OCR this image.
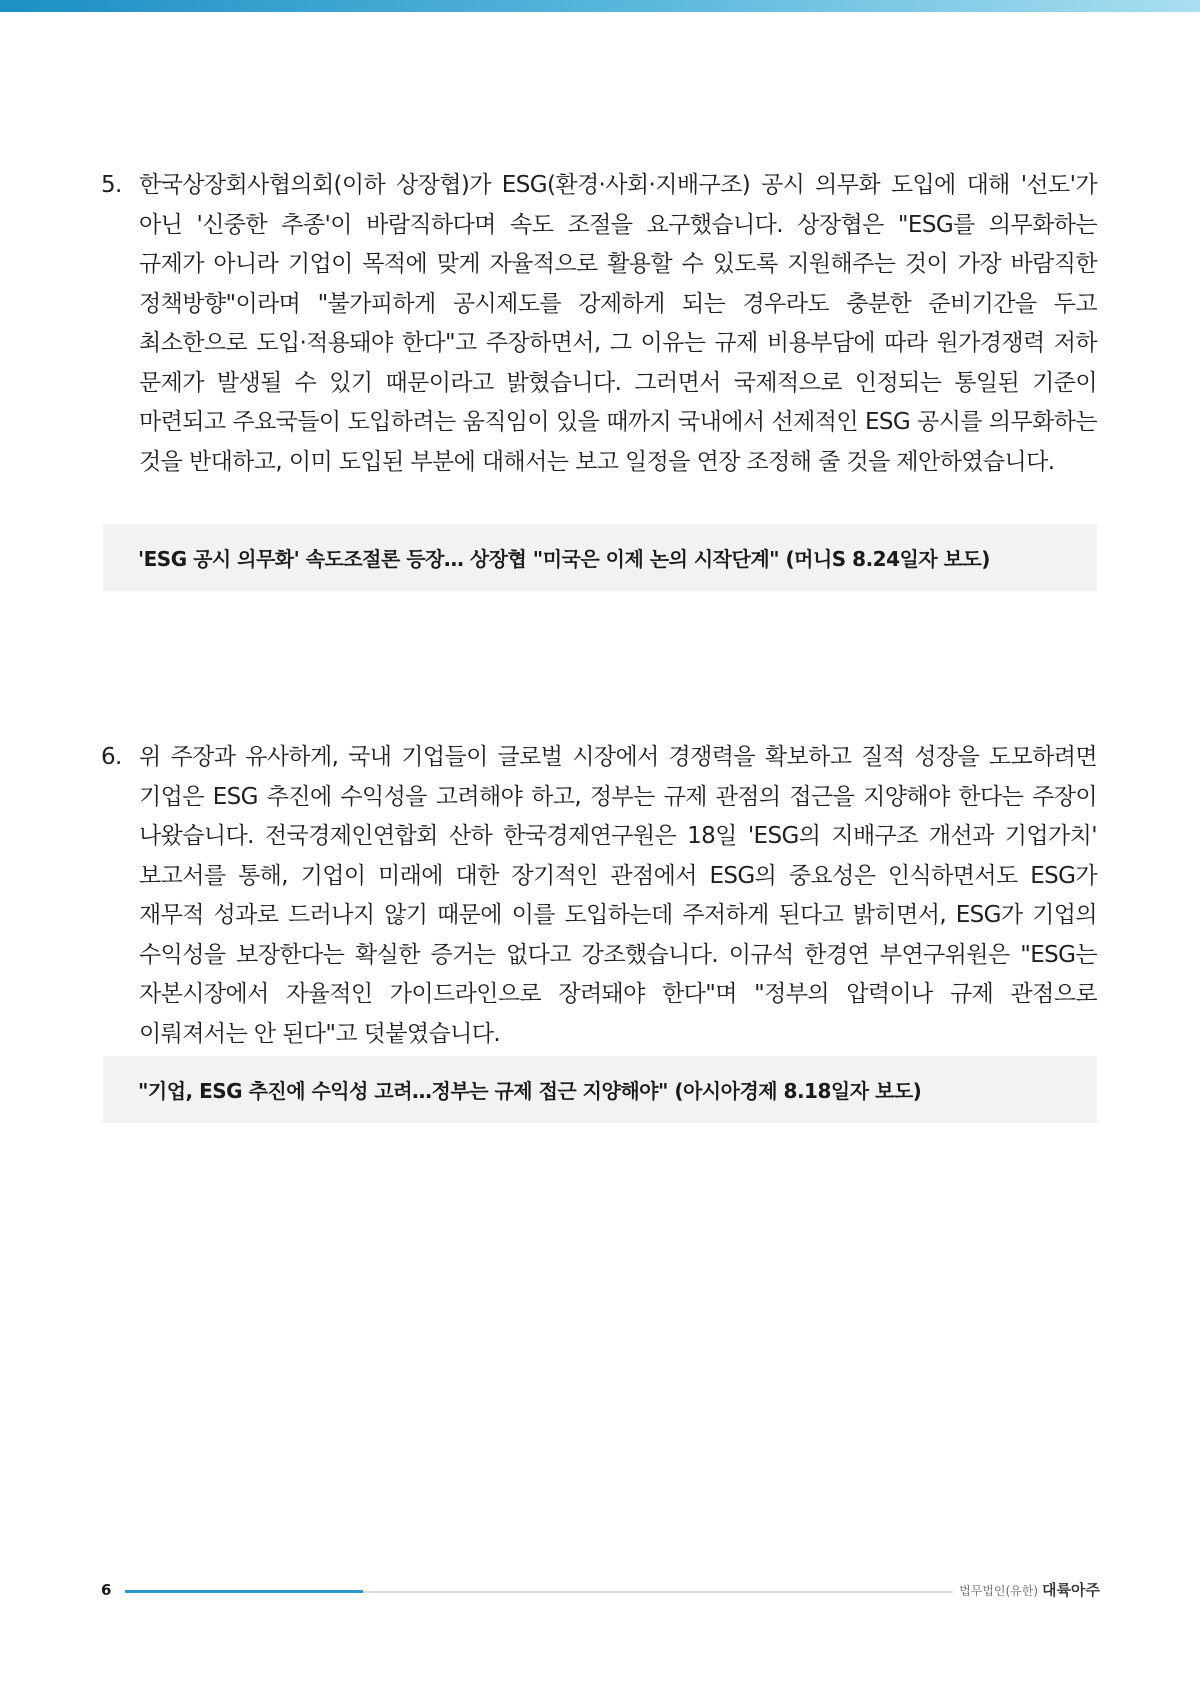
5. 한국상장회사협의회(이하 상장협)가 ESG(환경·사회·지배구조) 공시 의무화 도입에 대해 '선도'가 아닌 '신중한 추종'이 바람직하다며 속도 조절을 요구했습니다. 상장협은 "ESG를 의무화하는 규제가 아니라 기업이 목적에 맞게 자율적으로 활용할 수 있도록 지원해주는 것이 가장 바람직한 정책방향"이라며 "불가피하게 공시제도를 강제하게 되는 경우라도 충분한 준비기간을 두고 최소한으로 도입·적용돼야 한다"고 주장하면서, 그 이유는 규제 비용부담에 따라 원가경쟁력 저하 문제가 발생될 수 있기 때문이라고 밝혔습니다. 그러면서 국제적으로 인정되는 통일된 기준이 마련되고 주요국들이 도입하려는 움직임이 있을 때까지 국내에서 선제적인 ESG 공시를 의무화하는 것을 반대하고, 이미 도입된 부분에 대해서는 보고 일정을 연장 조정해 줄 것을 제안하였습니다.
'ESG 공시 의무화' 속도조절론 등장… 상장협 "미국은 이제 논의 시작단계" (머니S 8.24일자 보도)
6. 위 주장과 유사하게, 국내 기업들이 글로벌 시장에서 경쟁력을 확보하고 질적 성장을 도모하려면 기업은 ESG 추진에 수익성을 고려해야 하고, 정부는 규제 관점의 접근을 지양해야 한다는 주장이 나왔습니다. 전국경제인연합회 산하 한국경제연구원은 18일 'ESG의 지배구조 개선과 기업가치' 보고서를 통해, 기업이 미래에 대한 장기적인 관점에서 ESG의 중요성은 인식하면서도 ESG가 재무적 성과로 드러나지 않기 때문에 이를 도입하는데 주저하게 된다고 밝히면서, ESG가 기업의 수익성을 보장한다는 확실한 증거는 없다고 강조했습니다. 이규석 한경연 부연구위원은 "ESG는 자본시장에서 자율적인 가이드라인으로 장려돼야 한다"며 "정부의 압력이나 규제 관점으로 이뤄져서는 안 된다"고 덧붙였습니다.
"기업, ESG 추진에 수익성 고려…정부는 규제 접근 지양해야" (아시아경제 8.18일자 보도)
6	법무법인(유한) 대륙아주
